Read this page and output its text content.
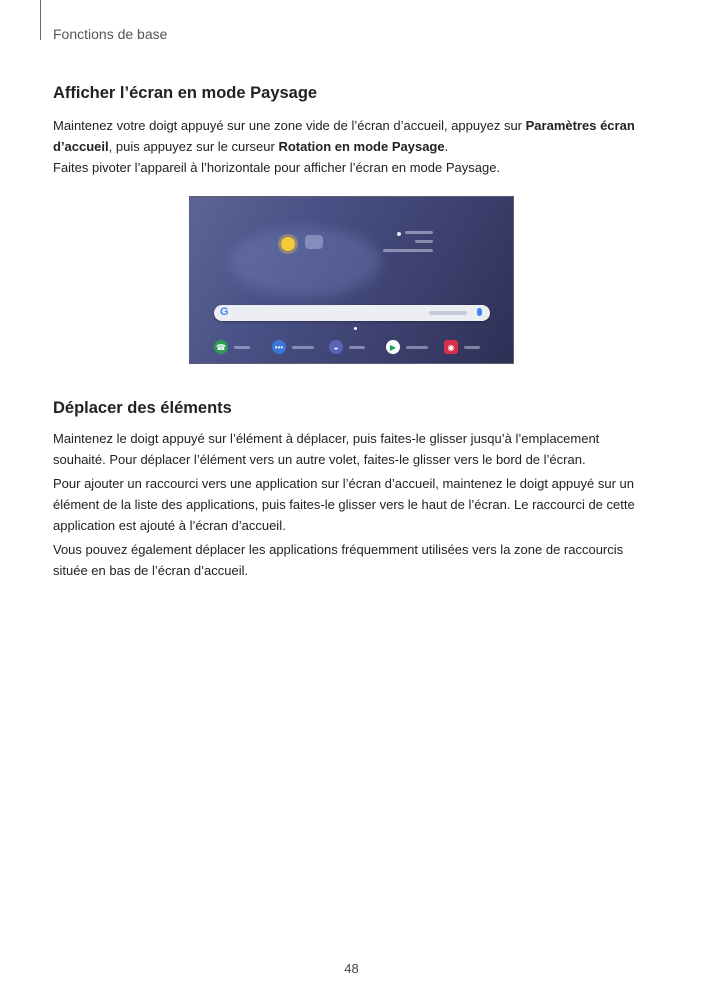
Fonctions de base
Afficher l’écran en mode Paysage

Maintenez votre doigt appuyé sur une zone vide de l’écran d’accueil, appuyez sur Paramètres écran d’accueil, puis appuyez sur le curseur Rotation en mode Paysage.

Faites pivoter l’appareil à l’horizontale pour afficher l’écran en mode Paysage.

G
☎	•••	◒	▶	◉
Déplacer des éléments

Maintenez le doigt appuyé sur l’élément à déplacer, puis faites-le glisser jusqu’à l’emplacement souhaité. Pour déplacer l’élément vers un autre volet, faites-le glisser vers le bord de l’écran.

Pour ajouter un raccourci vers une application sur l’écran d’accueil, maintenez le doigt appuyé sur un élément de la liste des applications, puis faites-le glisser vers le haut de l’écran. Le raccourci de cette application est ajouté à l’écran d’accueil.

Vous pouvez également déplacer les applications fréquemment utilisées vers la zone de raccourcis située en bas de l’écran d’accueil.

48
